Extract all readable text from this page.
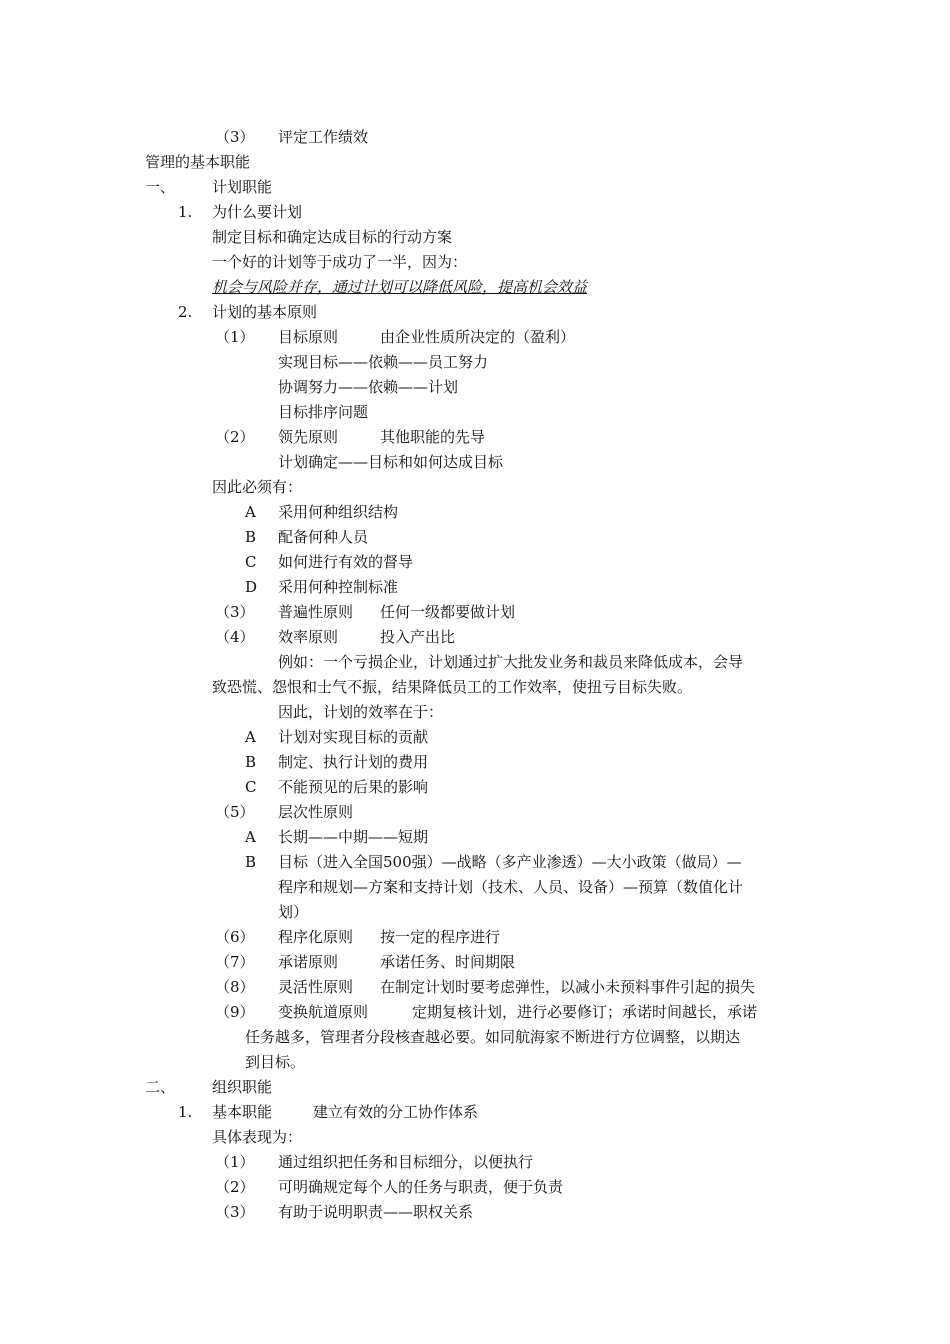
（3） 评定工作绩效
管理的基本职能
一、 计划职能
1. 为什么要计划
制定目标和确定达成目标的行动方案
一个好的计划等于成功了一半，因为：
机会与风险并存，通过计划可以降低风险，提高机会效益
2. 计划的基本原则
（1） 目标原则	由企业性质所决定的（盈利）
实现目标——依赖——员工努力
协调努力——依赖——计划
目标排序问题
（2） 领先原则	其他职能的先导
计划确定——目标和如何达成目标
因此必须有：
A 采用何种组织结构
B 配备何种人员
C 如何进行有效的督导
D 采用何种控制标准
（3） 普遍性原则 任何一级都要做计划
（4） 效率原则	投入产出比
例如：一个亏损企业，计划通过扩大批发业务和裁员来降低成本，会导
致恐慌、怨恨和士气不振，结果降低员工的工作效率，使扭亏目标失败。
因此，计划的效率在于：
A 计划对实现目标的贡献
B 制定、执行计划的费用
C 不能预见的后果的影响
（5） 层次性原则
A 长期——中期——短期
B 目标（进入全国500强）—战略（多产业渗透）—大小政策（做局）—
程序和规划—方案和支持计划（技术、人员、设备）—预算（数值化计
划）
（6） 程序化原则 按一定的程序进行
（7） 承诺原则	承诺任务、时间期限
（8） 灵活性原则 在制定计划时要考虑弹性，以减小未预料事件引起的损失
（9） 变换航道原则	定期复核计划，进行必要修订；承诺时间越长，承诺
任务越多，管理者分段核查越必要。如同航海家不断进行方位调整，以期达
到目标。
二、 组织职能
1. 基本职能	建立有效的分工协作体系
具体表现为：
（1） 通过组织把任务和目标细分，以便执行
（2） 可明确规定每个人的任务与职责，便于负责
（3） 有助于说明职责——职权关系
